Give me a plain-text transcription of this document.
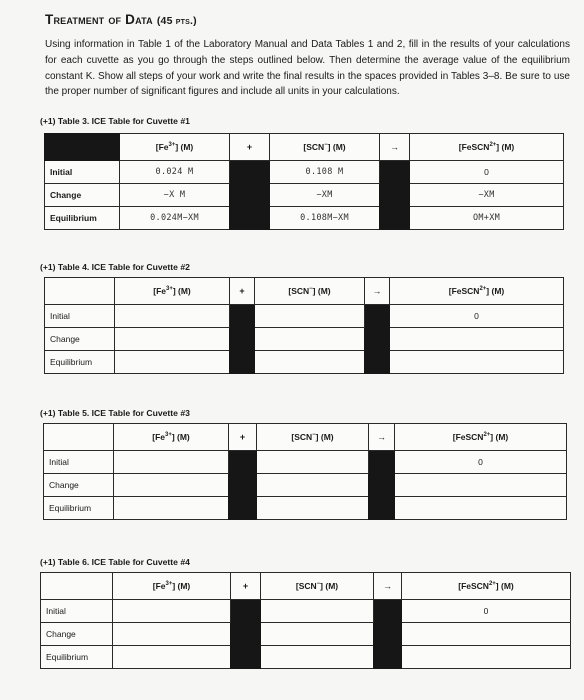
Treatment of Data (45 pts.)
Using information in Table 1 of the Laboratory Manual and Data Tables 1 and 2, fill in the results of your calculations for each cuvette as you go through the steps outlined below. Then determine the average value of the equilibrium constant K. Show all steps of your work and write the final results in the spaces provided in Tables 3–8. Be sure to use the proper number of significant figures and include all units in your calculations.
(+1) Table 3. ICE Table for Cuvette #1
	$[Fe^{3+}]$ (M)	+	[SCN−] (M)	→	[FeSCN$^{2+}$] (M)
Initial	0.024 M		0.108 M		0
Change	−X M		−XM		−XM
Equilibrium	0.024M−XM		0.108M−XM		OM+XM
(+1) Table 4. ICE Table for Cuvette #2
	$[Fe^{3+}]$ (M)	+	[SCN−] (M)	→	[FeSCN$^{2+}$] (M)
Initial					0
Change					
Equilibrium					
(+1) Table 5. ICE Table for Cuvette #3
	$[Fe^{3+}]$ (M)	+	[SCN−] (M)	→	[FeSCN$^{2+}$] (M)
Initial					0
Change					
Equilibrium					
(+1) Table 6. ICE Table for Cuvette #4
	$[Fe^{3+}]$ (M)	+	[SCN−] (M)	→	[FeSCN$^{2+}$] (M)
Initial					0
Change					
Equilibrium					
